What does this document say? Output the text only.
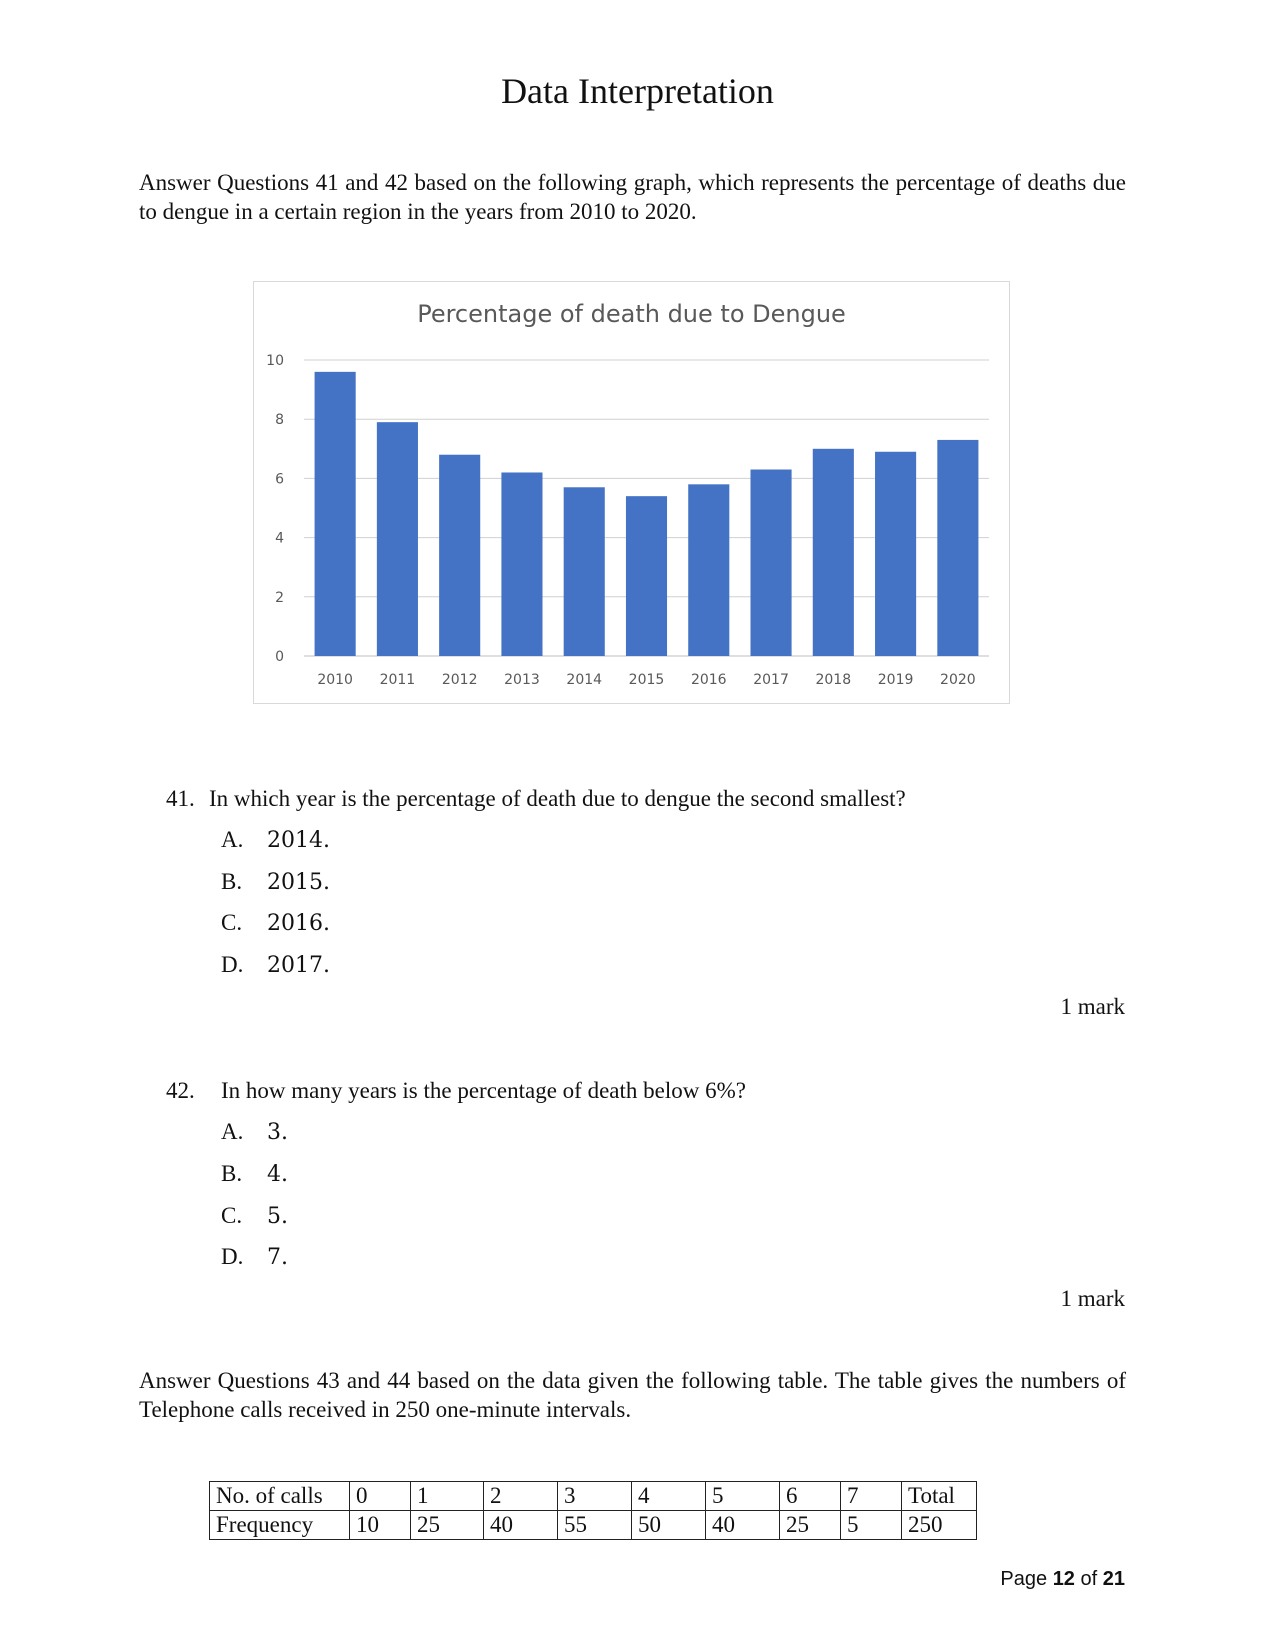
Data Interpretation
Answer Questions 41 and 42 based on the following graph, which represents the percentage of deaths due to dengue in a certain region in the years from 2010 to 2020.
Percentage of death due to Dengue
0
2
4
6
8
10
2010 2011 2012 2013 2014 2015 2016 2017 2018 2019 2020
41. In which year is the percentage of death due to dengue the second smallest?
A. 2014.
B. 2015.
C. 2016.
D. 2017.
1 mark
42. In how many years is the percentage of death below 6%?
A. 3.
B. 4.
C. 5.
D. 7.
1 mark
Answer Questions 43 and 44 based on the data given the following table. The table gives the numbers of Telephone calls received in 250 one-minute intervals.
No. of calls	0	1	2	3	4	5	6	7	Total
Frequency	10	25	40	55	50	40	25	5	250
Page 12 of 21
